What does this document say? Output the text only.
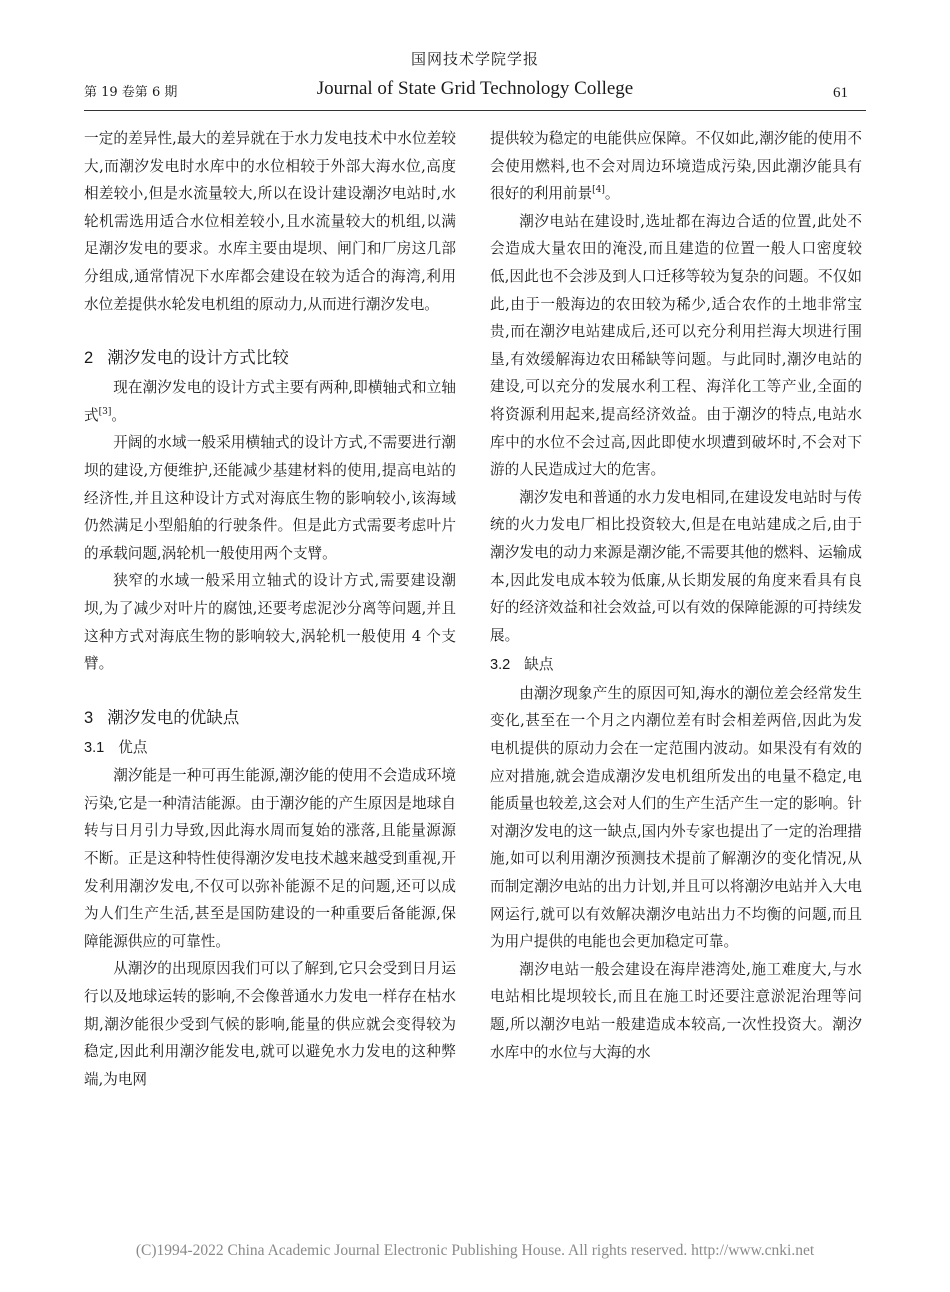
国网技术学院学报
第 19 卷第 6 期	Journal of State Grid Technology College	61

一定的差异性,最大的差异就在于水力发电技术中水位差较大,而潮汐发电时水库中的水位相较于外部大海水位,高度相差较小,但是水流量较大,所以在设计建设潮汐电站时,水轮机需选用适合水位相差较小,且水流量较大的机组,以满足潮汐发电的要求。水库主要由堤坝、闸门和厂房这几部分组成,通常情况下水库都会建设在较为适合的海湾,利用水位差提供水轮发电机组的原动力,从而进行潮汐发电。

2 潮汐发电的设计方式比较

现在潮汐发电的设计方式主要有两种,即横轴式和立轴式[3]。

开阔的水域一般采用横轴式的设计方式,不需要进行潮坝的建设,方便维护,还能减少基建材料的使用,提高电站的经济性,并且这种设计方式对海底生物的影响较小,该海域仍然满足小型船舶的行驶条件。但是此方式需要考虑叶片的承载问题,涡轮机一般使用两个支臂。

狭窄的水域一般采用立轴式的设计方式,需要建设潮坝,为了减少对叶片的腐蚀,还要考虑泥沙分离等问题,并且这种方式对海底生物的影响较大,涡轮机一般使用 4 个支臂。

3 潮汐发电的优缺点
3.1 优点

潮汐能是一种可再生能源,潮汐能的使用不会造成环境污染,它是一种清洁能源。由于潮汐能的产生原因是地球自转与日月引力导致,因此海水周而复始的涨落,且能量源源不断。正是这种特性使得潮汐发电技术越来越受到重视,开发利用潮汐发电,不仅可以弥补能源不足的问题,还可以成为人们生产生活,甚至是国防建设的一种重要后备能源,保障能源供应的可靠性。

从潮汐的出现原因我们可以了解到,它只会受到日月运行以及地球运转的影响,不会像普通水力发电一样存在枯水期,潮汐能很少受到气候的影响,能量的供应就会变得较为稳定,因此利用潮汐能发电,就可以避免水力发电的这种弊端,为电网

提供较为稳定的电能供应保障。不仅如此,潮汐能的使用不会使用燃料,也不会对周边环境造成污染,因此潮汐能具有很好的利用前景[4]。

潮汐电站在建设时,选址都在海边合适的位置,此处不会造成大量农田的淹没,而且建造的位置一般人口密度较低,因此也不会涉及到人口迁移等较为复杂的问题。不仅如此,由于一般海边的农田较为稀少,适合农作的土地非常宝贵,而在潮汐电站建成后,还可以充分利用拦海大坝进行围垦,有效缓解海边农田稀缺等问题。与此同时,潮汐电站的建设,可以充分的发展水利工程、海洋化工等产业,全面的将资源利用起来,提高经济效益。由于潮汐的特点,电站水库中的水位不会过高,因此即使水坝遭到破坏时,不会对下游的人民造成过大的危害。

潮汐发电和普通的水力发电相同,在建设发电站时与传统的火力发电厂相比投资较大,但是在电站建成之后,由于潮汐发电的动力来源是潮汐能,不需要其他的燃料、运输成本,因此发电成本较为低廉,从长期发展的角度来看具有良好的经济效益和社会效益,可以有效的保障能源的可持续发展。

3.2 缺点

由潮汐现象产生的原因可知,海水的潮位差会经常发生变化,甚至在一个月之内潮位差有时会相差两倍,因此为发电机提供的原动力会在一定范围内波动。如果没有有效的应对措施,就会造成潮汐发电机组所发出的电量不稳定,电能质量也较差,这会对人们的生产生活产生一定的影响。针对潮汐发电的这一缺点,国内外专家也提出了一定的治理措施,如可以利用潮汐预测技术提前了解潮汐的变化情况,从而制定潮汐电站的出力计划,并且可以将潮汐电站并入大电网运行,就可以有效解决潮汐电站出力不均衡的问题,而且为用户提供的电能也会更加稳定可靠。

潮汐电站一般会建设在海岸港湾处,施工难度大,与水电站相比堤坝较长,而且在施工时还要注意淤泥治理等问题,所以潮汐电站一般建造成本较高,一次性投资大。潮汐水库中的水位与大海的水

(C)1994-2022 China Academic Journal Electronic Publishing House. All rights reserved. http://www.cnki.net
